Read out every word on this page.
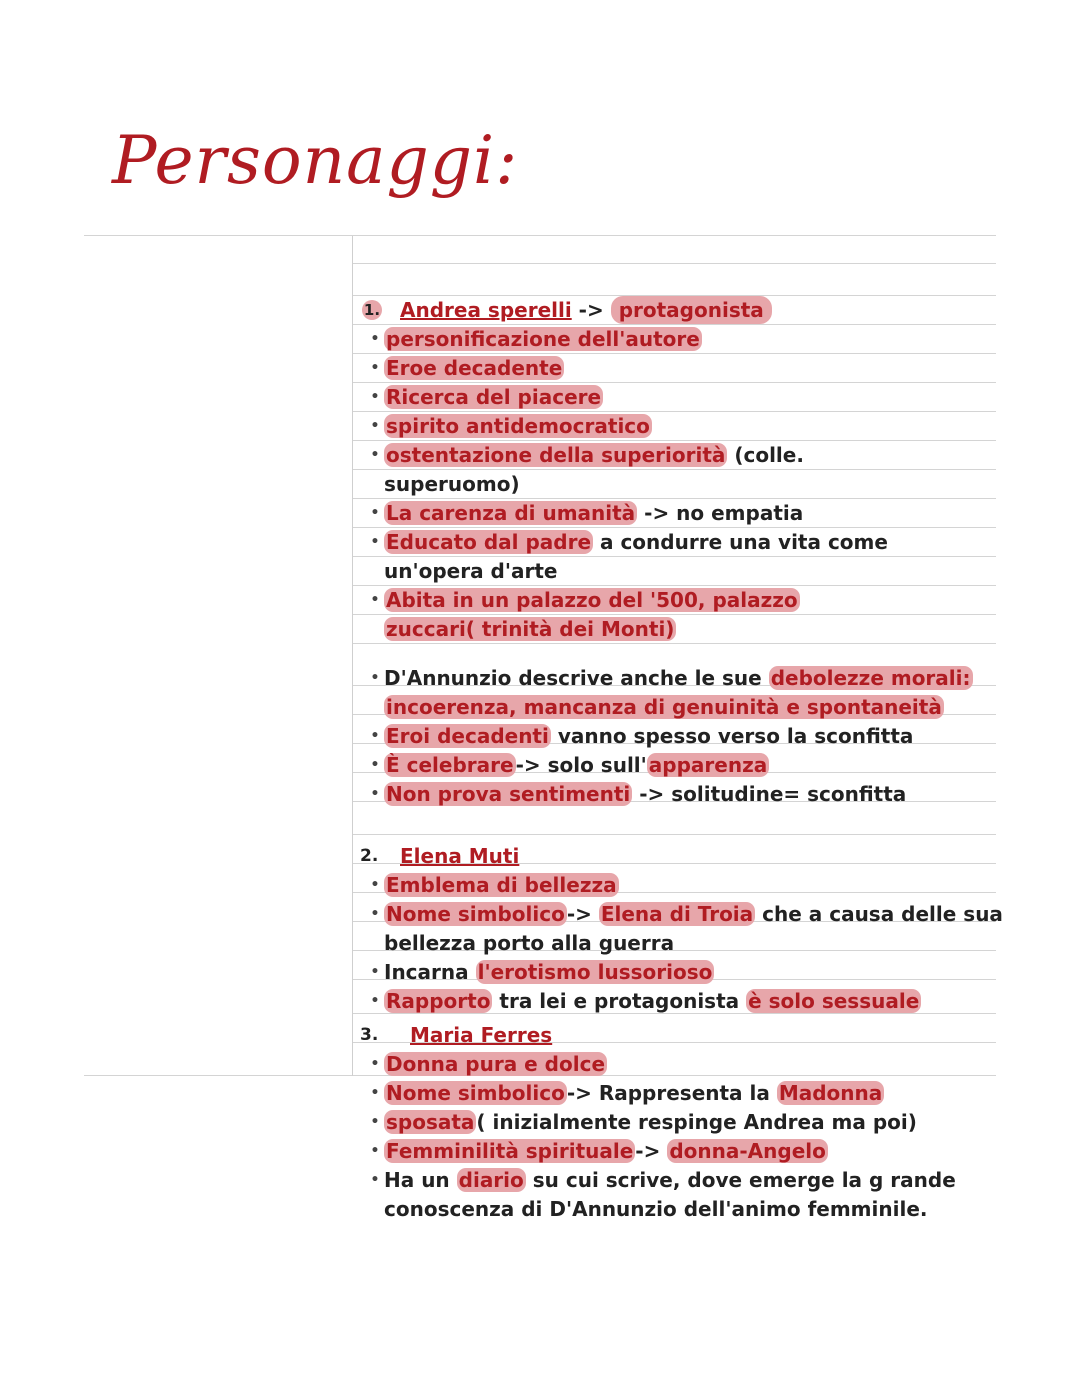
Personaggi:
1. Andrea sperelli -> protagonista
• personificazione dell'autore
• Eroe decadente
• Ricerca del piacere
• spirito antidemocratico
• ostentazione della superiorità (colle.
superuomo)
• La carenza di umanità -> no empatia
• Educato dal padre a condurre una vita come
un'opera d'arte
• Abita in un palazzo del '500, palazzo
zuccari( trinità dei Monti)
• D'Annunzio descrive anche le sue debolezze morali:
incoerenza, mancanza di genuinità e spontaneità
• Eroi decadenti vanno spesso verso la sconfitta
• È celebrare -> solo sull' apparenza
• Non prova sentimenti -> solitudine= sconfitta
2. Elena Muti
• Emblema di bellezza
• Nome simbolico -> Elena di Troia che a causa delle sua
bellezza porto alla guerra
• Incarna l'erotismo lussorioso
• Rapporto tra lei e protagonista è solo sessuale
3. Maria Ferres
• Donna pura e dolce
• Nome simbolico -> Rappresenta la Madonna
• sposata ( inizialmente respinge Andrea ma poi)
• Femminilità spirituale -> donna-Angelo
• Ha un diario su cui scrive, dove emerge la g rande
conoscenza di D'Annunzio dell'animo femminile.
